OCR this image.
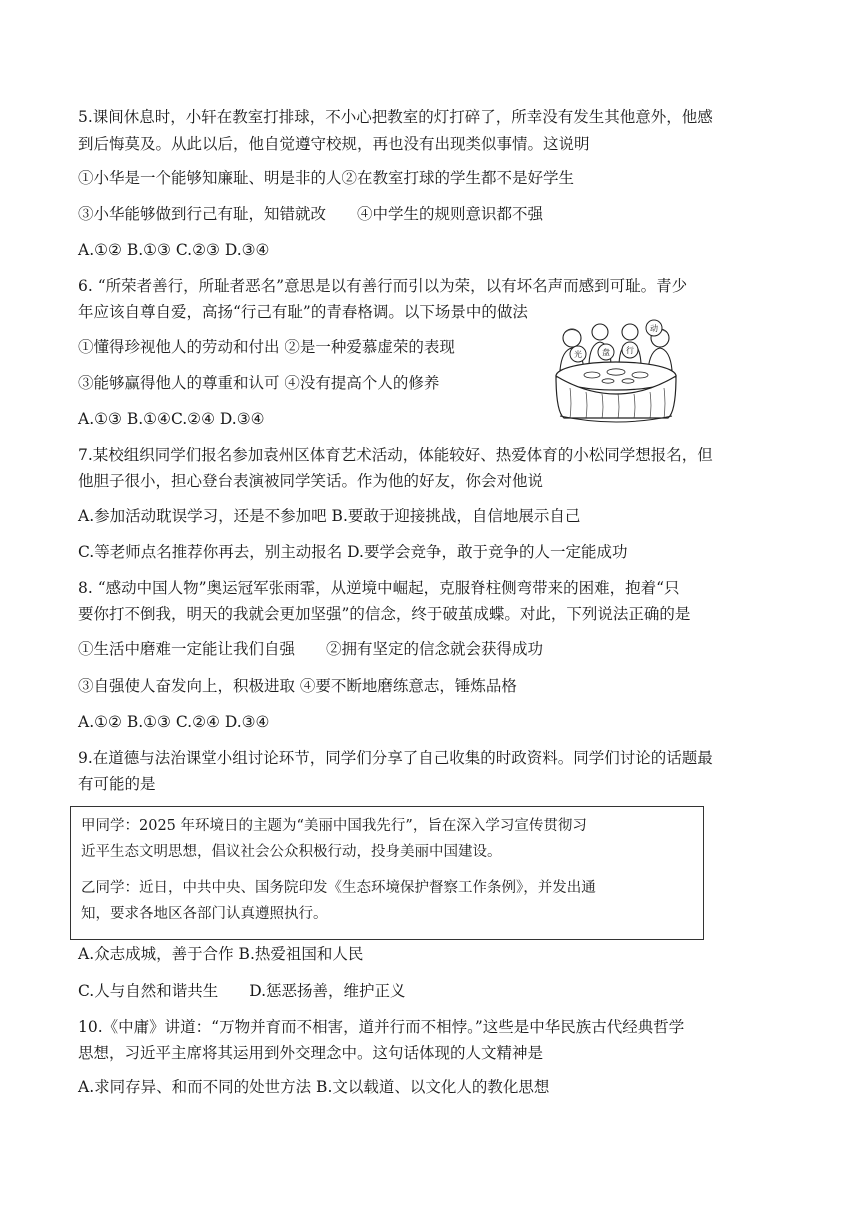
5.课间休息时，小轩在教室打排球，不小心把教室的灯打碎了，所幸没有发生其他意外，他感
到后悔莫及。从此以后，他自觉遵守校规，再也没有出现类似事情。这说明
①小华是一个能够知廉耻、明是非的人②在教室打球的学生都不是好学生
③小华能够做到行己有耻，知错就改　　④中学生的规则意识都不强
A.①② B.①③ C.②③ D.③④
6. “所荣者善行，所耻者恶名”意思是以有善行而引以为荣，以有坏名声而感到可耻。青少
年应该自尊自爱，高扬“行己有耻”的青春格调。以下场景中的做法
①懂得珍视他人的劳动和付出 ②是一种爱慕虚荣的表现
③能够赢得他人的尊重和认可 ④没有提高个人的修养
A.①③ B.①④C.②④ D.③④
光	盘 行
动
7.某校组织同学们报名参加袁州区体育艺术活动，体能较好、热爱体育的小松同学想报名，但
他胆子很小，担心登台表演被同学笑话。作为他的好友，你会对他说
A.参加活动耽误学习，还是不参加吧 B.要敢于迎接挑战，自信地展示自己
C.等老师点名推荐你再去，别主动报名 D.要学会竞争，敢于竞争的人一定能成功
8. “感动中国人物”奥运冠军张雨霏，从逆境中崛起，克服脊柱侧弯带来的困难，抱着“只
要你打不倒我，明天的我就会更加坚强”的信念，终于破茧成蝶。对此，下列说法正确的是
①生活中磨难一定能让我们自强　　②拥有坚定的信念就会获得成功
③自强使人奋发向上，积极进取 ④要不断地磨练意志，锤炼品格
A.①② B.①③ C.②④ D.③④
9.在道德与法治课堂小组讨论环节，同学们分享了自己收集的时政资料。同学们讨论的话题最
有可能的是
甲同学：2025 年环境日的主题为“美丽中国我先行”，旨在深入学习宣传贯彻习
近平生态文明思想，倡议社会公众积极行动，投身美丽中国建设。
乙同学：近日，中共中央、国务院印发《生态环境保护督察工作条例》，并发出通
知，要求各地区各部门认真遵照执行。
A.众志成城，善于合作 B.热爱祖国和人民
C.人与自然和谐共生　　D.惩恶扬善，维护正义
10.《中庸》讲道：“万物并育而不相害，道并行而不相悖。”这些是中华民族古代经典哲学
思想，习近平主席将其运用到外交理念中。这句话体现的人文精神是
A.求同存异、和而不同的处世方法 B.文以载道、以文化人的教化思想
